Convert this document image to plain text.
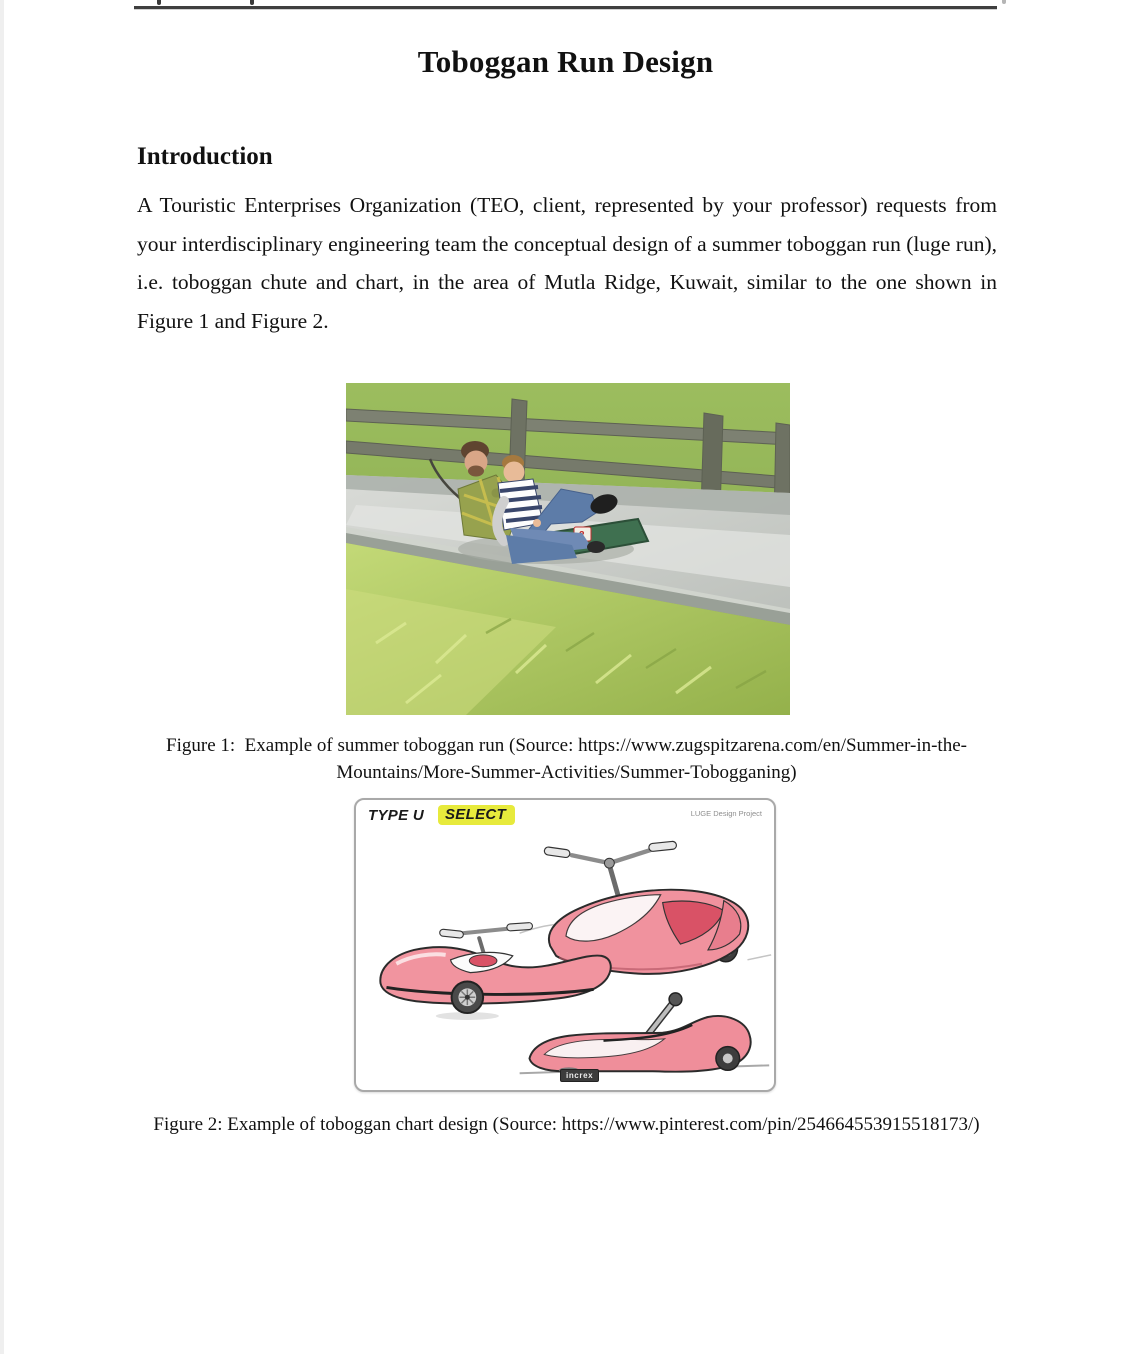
Toboggan Run Design
Introduction
A Touristic Enterprises Organization (TEO, client, represented by your professor) requests from your interdisciplinary engineering team the conceptual design of a summer toboggan run (luge run), i.e. toboggan chute and chart, in the area of Mutla Ridge, Kuwait, similar to the one shown in Figure 1 and Figure 2.
Figure 1:  Example of summer toboggan run (Source: https://www.zugspitzarena.com/en/Summer-in-the-
Mountains/More-Summer-Activities/Summer-Tobogganing)
TYPE U	SELECT	LUGE Design Project
increx
Figure 2: Example of toboggan chart design (Source: https://www.pinterest.com/pin/254664553915518173/)
